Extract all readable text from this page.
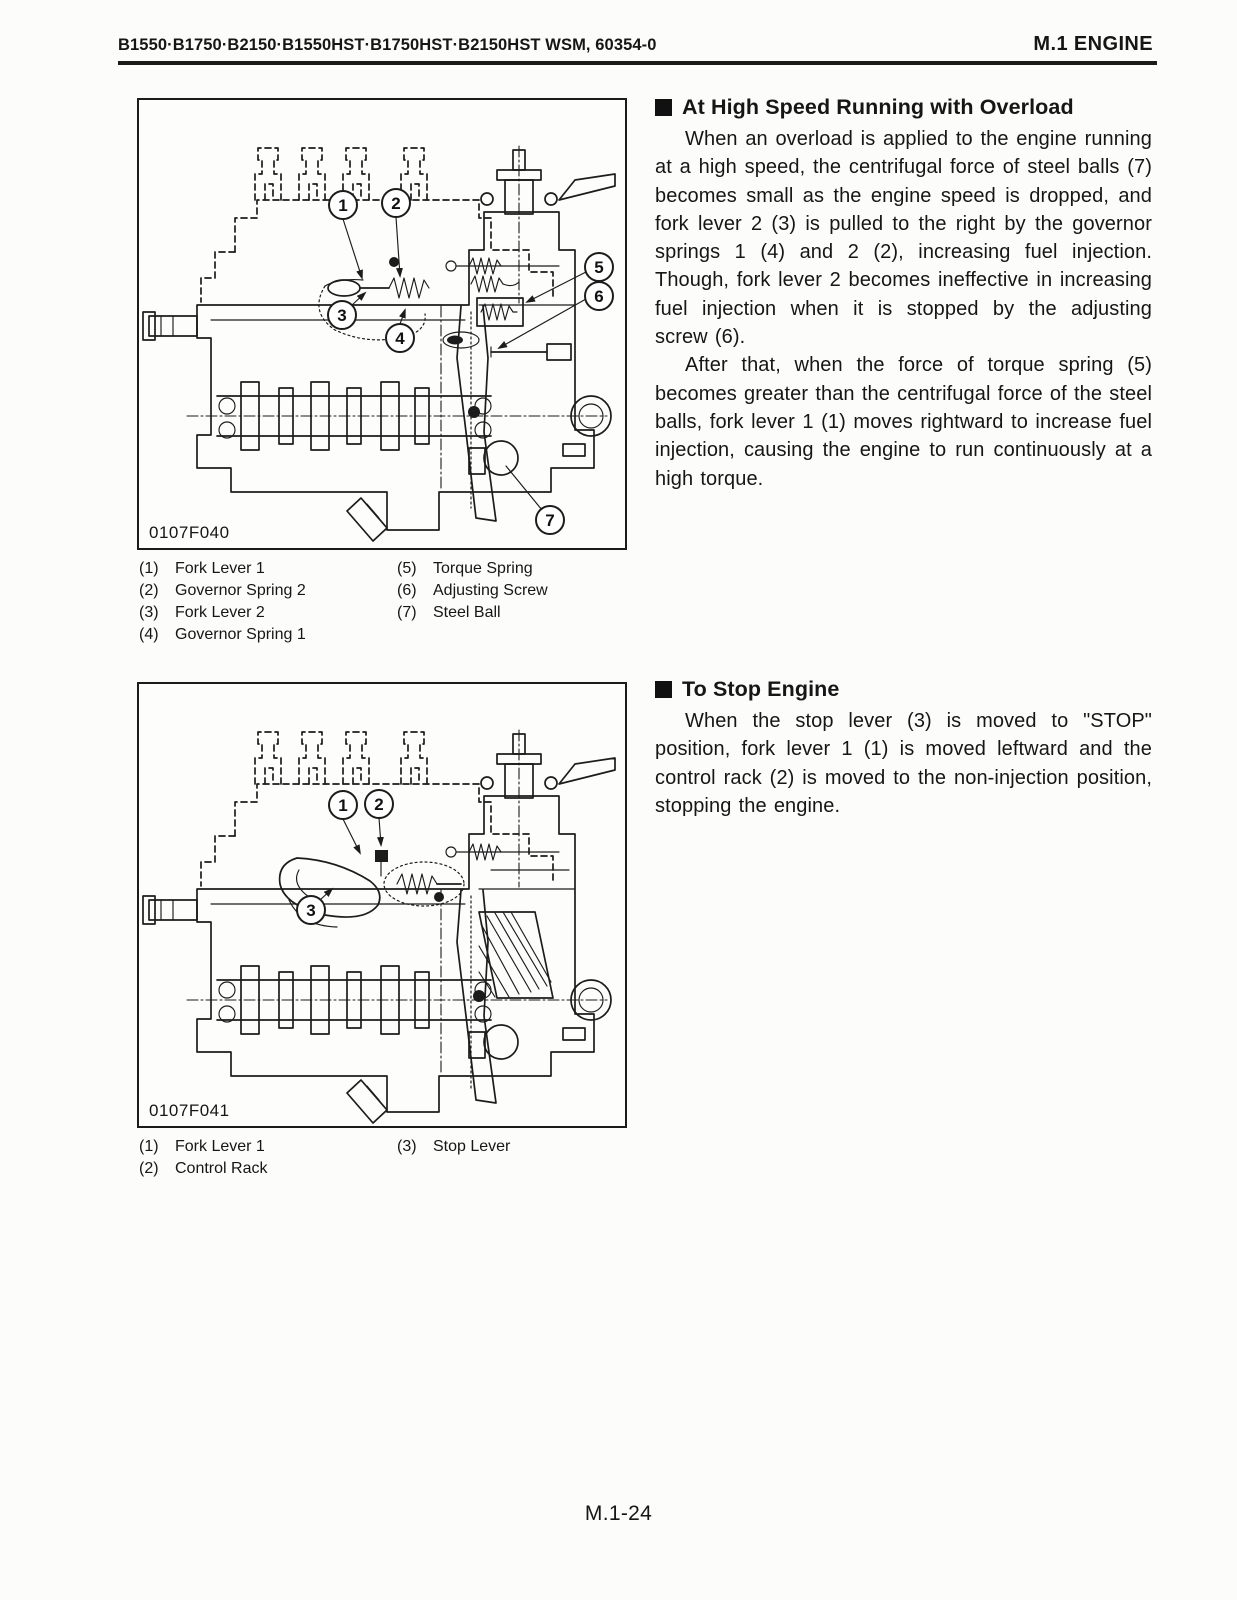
B1550·B1750·B2150·B1550HST·B1750HST·B2150HST WSM, 60354-0	M.1 ENGINE
1	2
3
4
5
6
7
0107F040
(1)	Fork Lever 1
(2)	Governor Spring 2
(3)	Fork Lever 2
(4)	Governor Spring 1
(5)	Torque Spring
(6)	Adjusting Screw
(7)	Steel Ball
At High Speed Running with Overload

When an overload is applied to the engine running at a high speed, the centrifugal force of steel balls (7) becomes small as the engine speed is dropped, and fork lever 2 (3) is pulled to the right by the governor springs 1 (4) and 2 (2), increasing fuel injection. Though, fork lever 2 becomes ineffective in increasing fuel injection when it is stopped by the adjusting screw (6).

After that, when the force of torque spring (5) becomes greater than the centrifugal force of the steel balls, fork lever 1 (1) moves rightward to increase fuel injection, causing the engine to run continuously at a high torque.

1 2
3
0107F041
(1)	Fork Lever 1
(2)	Control Rack
(3)	Stop Lever
To Stop Engine

When the stop lever (3) is moved to "STOP" position, fork lever 1 (1) is moved leftward and the control rack (2) is moved to the non-injection position, stopping the engine.

M.1-24
